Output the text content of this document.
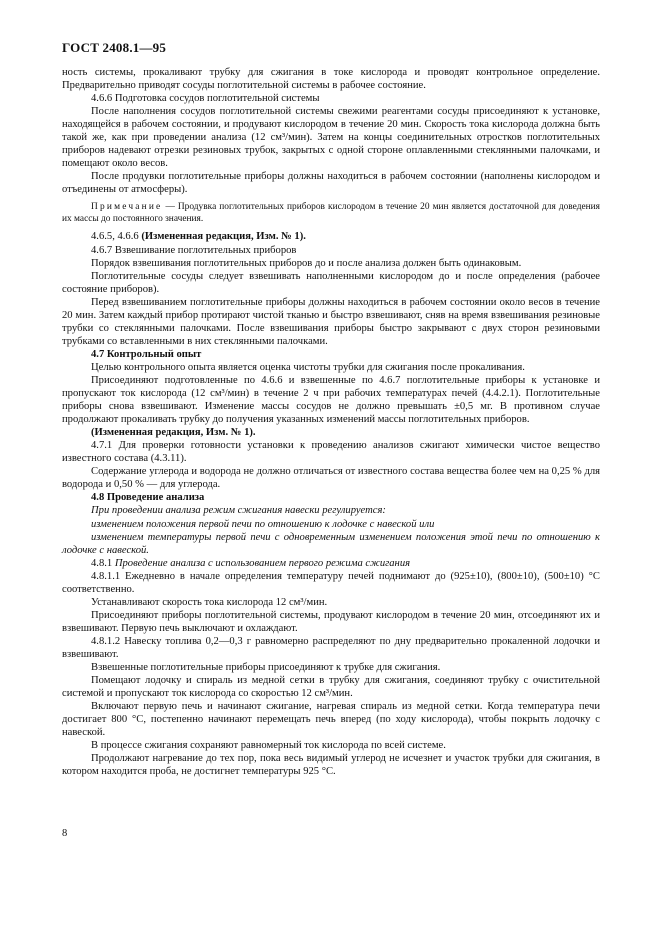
ГОСТ 2408.1—95

ность системы, прокаливают трубку для сжигания в токе кислорода и проводят контрольное определение. Предварительно приводят сосуды поглотительной системы в рабочее состояние.

4.6.6 Подготовка сосудов поглотительной системы

После наполнения сосудов поглотительной системы свежими реагентами сосуды присоединяют к установке, находящейся в рабочем состоянии, и продувают кислородом в течение 20 мин. Скорость тока кислорода должна быть такой же, как при проведении анализа (12 см³/мин). Затем на концы соединительных отростков поглотительных приборов надевают отрезки резиновых трубок, закрытых с одной стороне оплавленными стеклянными палочками, и помещают около весов.

После продувки поглотительные приборы должны находиться в рабочем состоянии (наполнены кислородом и отъединены от атмосферы).

Примечание — Продувка поглотительных приборов кислородом в течение 20 мин является достаточной для доведения их массы до постоянного значения.

4.6.5, 4.6.6 (Измененная редакция, Изм. № 1).

4.6.7 Взвешивание поглотительных приборов

Порядок взвешивания поглотительных приборов до и после анализа должен быть одинаковым.

Поглотительные сосуды следует взвешивать наполненными кислородом до и после определения (рабочее состояние приборов).

Перед взвешиванием поглотительные приборы должны находиться в рабочем состоянии около весов в течение 20 мин. Затем каждый прибор протирают чистой тканью и быстро взвешивают, сняв на время взвешивания резиновые трубки со стеклянными палочками. После взвешивания приборы быстро закрывают с двух сторон резиновыми трубками со вставленными в них стеклянными палочками.

4.7 Контрольный опыт

Целью контрольного опыта является оценка чистоты трубки для сжигания после прокаливания.

Присоединяют подготовленные по 4.6.6 и взвешенные по 4.6.7 поглотительные приборы к установке и пропускают ток кислорода (12 см³/мин) в течение 2 ч при рабочих температурах печей (4.4.2.1). Поглотительные приборы снова взвешивают. Изменение массы сосудов не должно превышать ±0,5 мг. В противном случае продолжают прокаливать трубку до получения указанных изменений массы поглотительных приборов.

(Измененная редакция, Изм. № 1).

4.7.1 Для проверки готовности установки к проведению анализов сжигают химически чистое вещество известного состава (4.3.11).

Содержание углерода и водорода не должно отличаться от известного состава вещества более чем на 0,25 % для водорода и 0,50 % — для углерода.

4.8 Проведение анализа

При проведении анализа режим сжигания навески регулируется:

изменением положения первой печи по отношению к лодочке с навеской или

изменением температуры первой печи с одновременным изменением положения этой печи по отношению к лодочке с навеской.

4.8.1 Проведение анализа с использованием первого режима сжигания

4.8.1.1 Ежедневно в начале определения температуру печей поднимают до (925±10), (800±10), (500±10) °С соответственно.

Устанавливают скорость тока кислорода 12 см³/мин.

Присоединяют приборы поглотительной системы, продувают кислородом в течение 20 мин, отсоединяют их и взвешивают. Первую печь выключают и охлаждают.

4.8.1.2 Навеску топлива 0,2—0,3 г равномерно распределяют по дну предварительно прокаленной лодочки и взвешивают.

Взвешенные поглотительные приборы присоединяют к трубке для сжигания.

Помещают лодочку и спираль из медной сетки в трубку для сжигания, соединяют трубку с очистительной системой и пропускают ток кислорода со скоростью 12 см³/мин.

Включают первую печь и начинают сжигание, нагревая спираль из медной сетки. Когда температура печи достигает 800 °С, постепенно начинают перемещать печь вперед (по ходу кислорода), чтобы покрыть лодочку с навеской.

В процессе сжигания сохраняют равномерный ток кислорода по всей системе.

Продолжают нагревание до тех пор, пока весь видимый углерод не исчезнет и участок трубки для сжигания, в котором находится проба, не достигнет температуры 925 °С.

8
